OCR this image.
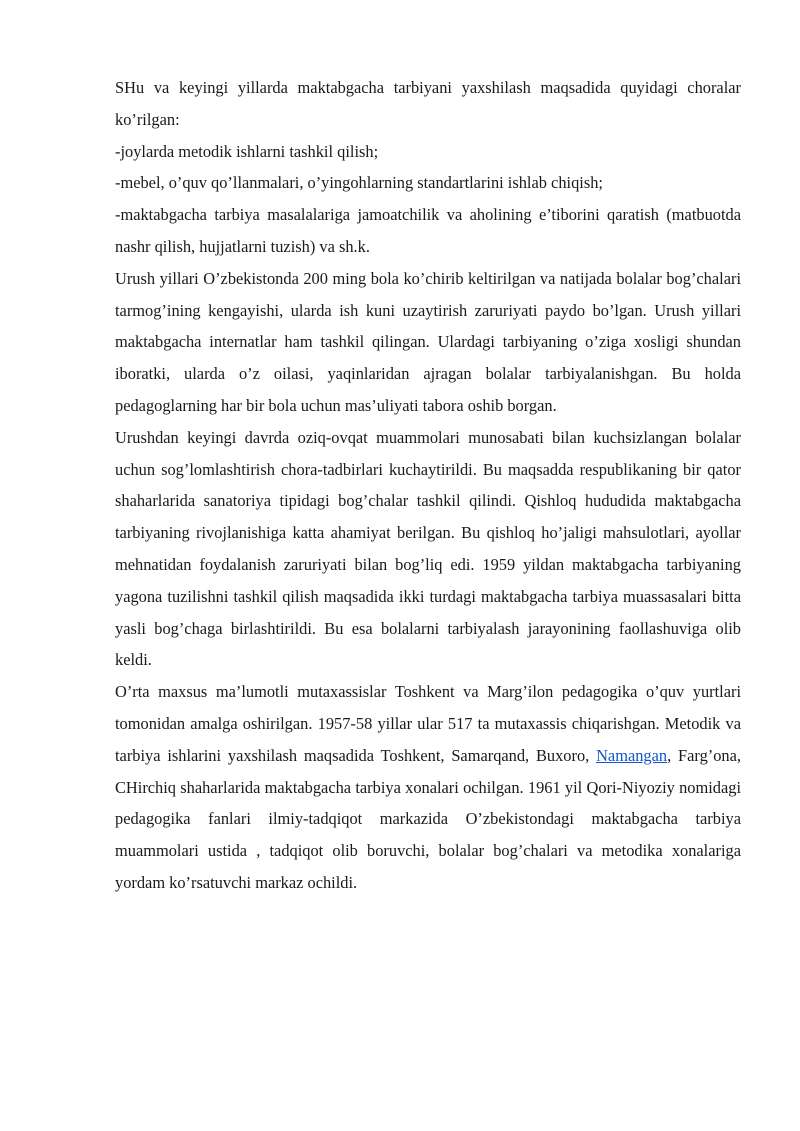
SHu va keyingi yillarda maktabgacha tarbiyani yaxshilash maqsadida quyidagi choralar ko’rilgan:

-joylarda metodik ishlarni tashkil qilish;

-mebel, o’quv qo’llanmalari, o’yingohlarning standartlarini ishlab chiqish;

-maktabgacha tarbiya masalalariga jamoatchilik va aholining e’tiborini qaratish (matbuotda nashr qilish, hujjatlarni tuzish) va sh.k.

Urush yillari O’zbekistonda 200 ming bola ko’chirib keltirilgan va natijada bolalar bog’chalari tarmog’ining kengayishi, ularda ish kuni uzaytirish zaruriyati paydo bo’lgan. Urush yillari maktabgacha internatlar ham tashkil qilingan. Ulardagi tarbiyaning o’ziga xosligi shundan iboratki, ularda o’z oilasi, yaqinlaridan ajragan bolalar tarbiyalanishgan. Bu holda pedagoglarning har bir bola uchun mas’uliyati tabora oshib borgan.

Urushdan keyingi davrda oziq-ovqat muammolari munosabati bilan kuchsizlangan bolalar uchun sog’lomlashtirish chora-tadbirlari kuchaytirildi. Bu maqsadda respublikaning bir qator shaharlarida sanatoriya tipidagi bog’chalar tashkil qilindi. Qishloq hududida maktabgacha tarbiyaning rivojlanishiga katta ahamiyat berilgan. Bu qishloq ho’jaligi mahsulotlari, ayollar mehnatidan foydalanish zaruriyati bilan bog’liq edi. 1959 yildan maktabgacha tarbiyaning yagona tuzilishni tashkil qilish maqsadida ikki turdagi maktabgacha tarbiya muassasalari bitta yasli bog’chaga birlashtirildi. Bu esa bolalarni tarbiyalash jarayonining faollashuviga olib keldi.

O’rta maxsus ma’lumotli mutaxassislar Toshkent va Marg’ilon pedagogika o’quv yurtlari tomonidan amalga oshirilgan. 1957-58 yillar ular 517 ta mutaxassis chiqarishgan. Metodik va tarbiya ishlarini yaxshilash maqsadida Toshkent, Samarqand, Buxoro, Namangan, Farg’ona, CHirchiq shaharlarida maktabgacha tarbiya xonalari ochilgan. 1961 yil Qori-Niyoziy nomidagi pedagogika fanlari ilmiy-tadqiqot markazida O’zbekistondagi maktabgacha tarbiya muammolari ustida , tadqiqot olib boruvchi, bolalar bog’chalari va metodika xonalariga yordam ko’rsatuvchi markaz ochildi.
